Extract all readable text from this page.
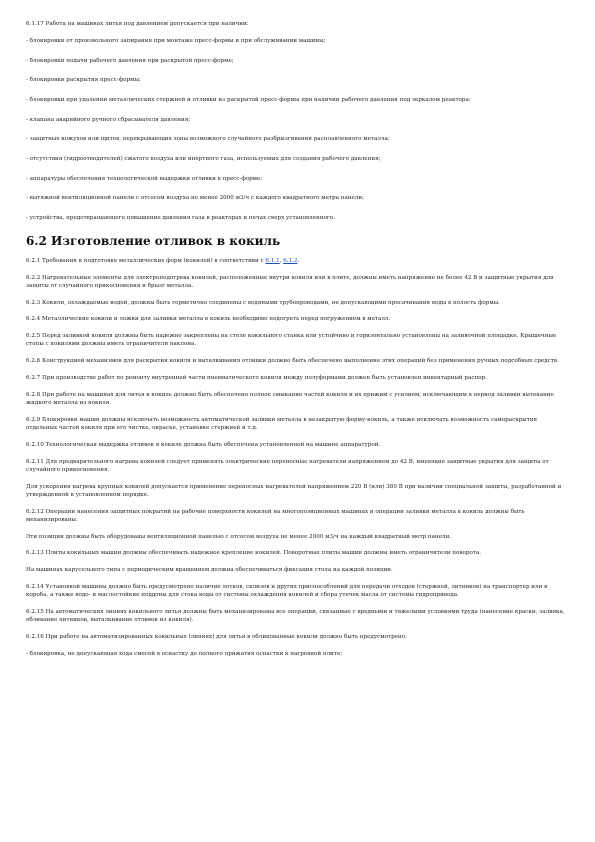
6.1.17 Работа на машинах литья под давлением допускается при наличии:

- блокировки от произвольного запирания при монтаже пресс-формы и при обслуживании машины;

- блокировки подачи рабочего давления при раскрытой пресс-форме;

- блокировки раскрытия пресс-формы;

- блокировки при удалении металлических стержней и отливки из раскрытой пресс-формы при наличии рабочего давления под зеркалом реактора;

- клапана аварийного ручного сбрасывателя давления;

- защитных кожухов или щитов, перекрывающих зоны возможного случайного разбрызгивания расплавленного металла;

- отсутствия (гидроотводителей) сжатого воздуха или инертного газа, используемых для создания рабочего давления;

- аппаратуры обеспечения технологической выдержки отливки в пресс-форме;

- вытяжной вентиляционной панели с отсосом воздуха не менее 2000 м3/ч с каждого квадратного метра панели;

- устройства, предотвращающего повышение давления газа в реакторах и печах сверх установленного.

6.2 Изготовление отливок в кокиль

6.2.1 Требования к подготовке металлических форм (кокилей) в соответствии с 6.1.1, 6.1.2.

6.2.2 Нагревательные элементы для электроподогрева кокилей, расположенные внутри кокиля или в плите, должны иметь напряжение не более 42 В и защитные укрытия для защиты от случайного прикосновения и брызг металла.

6.2.3 Кокили, охлаждаемые водой, должны быть герметично соединены с водяными трубопроводами, не допускающими просачивания воды в полость формы.

6.2.4 Металлические кокили и ложки для заливки металла в кокиль необходимо подогреть перед погружением в металл.

6.2.5 Перед заливкой кокиля должны быть надежно закреплены на столе кокильного станка или устойчиво и горизонтально установлены на заливочной площадке. Крышечные стопы с кокилями должны иметь ограничители наклона.

6.2.6 Конструкцией механизмов для раскрытия кокиля и выталкивания отливки должно быть обеспечено выполнение этих операций без применения ручных подсобных средств.

6.2.7 При производстве работ по ремонту внутренней части пневматического кокиля между полуформами должен быть установлен инвентарный распор.

6.2.8 При работе на машинах для литья в кокиль должно быть обеспечено полное смыкание частей кокиля и их прижим с усилием, исключающим в период заливки вытекание жидкого металла из кокиля.

6.2.9 Блокировки машин должны исключать возможность автоматической заливки металла в незакрытую форму-кокиль, а также исключать возможность самораскрытия отдельных частей кокиля при его чистке, окраске, установке стержней и т.д.

6.2.10 Технологическая выдержка отливок в кокиле должна быть обеспечена установленной на машине аппаратурой.

6.2.11 Для предварительного нагрева кокилей следует применять электрические переносные нагреватели напряжением до 42 В, имеющие защитные укрытия для защиты от случайного прикосновения.

Для ускорения нагрева крупных кокилей допускается применение переносных нагревателей напряжением 220 В (или) 380 В при наличии специальной защиты, разработанной и утвержденной в установленном порядке.

6.2.12 Операции нанесения защитных покрытий на рабочие поверхности кокилей на многопозиционных машинах и операции заливки металла в кокиль должны быть механизированы.

Эти позиции должны быть оборудованы вентиляционной панелью с отсосом воздуха не менее 2000 м3/ч на каждый квадратный метр панели.

6.2.13 Плиты кокильных машин должны обеспечивать надежное крепление кокилей. Поворотные плиты машин должны иметь ограничители поворота.

На машинах карусельного типа с периодическим вращением должна обеспечиваться фиксация стола на каждой позиции.

6.2.14 Установкой машины должно быть предусмотрено наличие лотков, склизов и других приспособлений для передачи отходов (стержней, литников) на транспортер или в короба, а также водо- и маслостойкие поддоны для стока воды от системы охлаждения кокилей и сбора утечек масла от системы гидропривода.

6.2.15 На автоматических линиях кокильного литья должны быть механизированы все операции, связанные с вредными и тяжелыми условиями труда (нанесение краски, заливка, обливание литников, выталкивание отливок из кокиля).

6.2.16 При работе на автоматизированных кокильных (линиях) для литья в облицованные кокили должно быть предусмотрено:

- блокировка, не допускающая хода смесей в оснастку до полного прижатия оснастки к нагревной плите;
